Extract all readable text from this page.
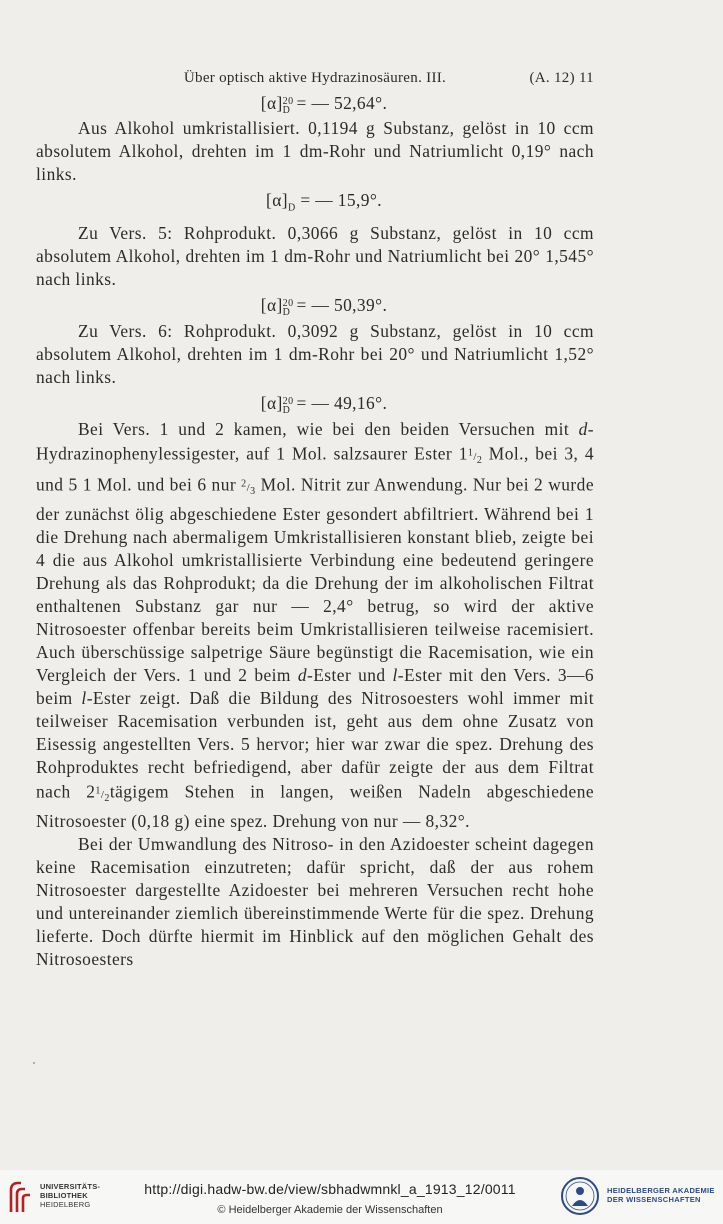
Über optisch aktive Hydrazinosäuren. III.	(A. 12) 11
[α]20
D = — 52,64°.

Aus Alkohol umkristallisiert. 0,1194 g Substanz, gelöst in 10 ccm absolutem Alkohol, drehten im 1 dm-Rohr und Natriumlicht 0,19° nach links.

$[\alpha]_D$ = — 15,9°.

Zu Vers. 5: Rohprodukt. 0,3066 g Substanz, gelöst in 10 ccm absolutem Alkohol, drehten im 1 dm-Rohr und Natriumlicht bei 20° 1,545° nach links.

[α]20
D = — 50,39°.

Zu Vers. 6: Rohprodukt. 0,3092 g Substanz, gelöst in 10 ccm absolutem Alkohol, drehten im 1 dm-Rohr bei 20° und Natriumlicht 1,52° nach links.

[α]20
D = — 49,16°.

Bei Vers. 1 und 2 kamen, wie bei den beiden Versuchen mit d-Hydrazinophenylessigester, auf 1 Mol. salzsaurer Ester $1^1/_2$ Mol., bei 3, 4 und 5 1 Mol. und bei 6 nur $^2/_3$ Mol. Nitrit zur Anwendung. Nur bei 2 wurde der zunächst ölig abgeschiedene Ester gesondert abfiltriert. Während bei 1 die Drehung nach abermaligem Umkristallisieren konstant blieb, zeigte bei 4 die aus Alkohol umkristallisierte Verbindung eine bedeutend geringere Drehung als das Rohprodukt; da die Drehung der im alkoholischen Filtrat enthaltenen Substanz gar nur — 2,4° betrug, so wird der aktive Nitrosoester offenbar bereits beim Umkristallisieren teilweise racemisiert. Auch überschüssige salpetrige Säure begünstigt die Racemisation, wie ein Vergleich der Vers. 1 und 2 beim d-Ester und l-Ester mit den Vers. 3—6 beim l-Ester zeigt. Daß die Bildung des Nitrosoesters wohl immer mit teilweiser Racemisation verbunden ist, geht aus dem ohne Zusatz von Eisessig angestellten Vers. 5 hervor; hier war zwar die spez. Drehung des Rohproduktes recht befriedigend, aber dafür zeigte der aus dem Filtrat nach $2^1/_2tägigem$ Stehen in langen, weißen Nadeln abgeschiedene Nitrosoester (0,18 g) eine spez. Drehung von nur — 8,32°.

Bei der Umwandlung des Nitroso- in den Azidoester scheint dagegen keine Racemisation einzutreten; dafür spricht, daß der aus rohem Nitrosoester dargestellte Azidoester bei mehreren Versuchen recht hohe und untereinander ziemlich übereinstimmende Werte für die spez. Drehung lieferte. Doch dürfte hiermit im Hinblick auf den möglichen Gehalt des Nitrosoesters

UNIVERSITÄTS-
BIBLIOTHEK
HEIDELBERG
http://digi.hadw-bw.de/view/sbhadwmnkl_a_1913_12/0011
© Heidelberger Akademie der Wissenschaften
HEIDELBERGER AKADEMIE
DER WISSENSCHAFTEN
